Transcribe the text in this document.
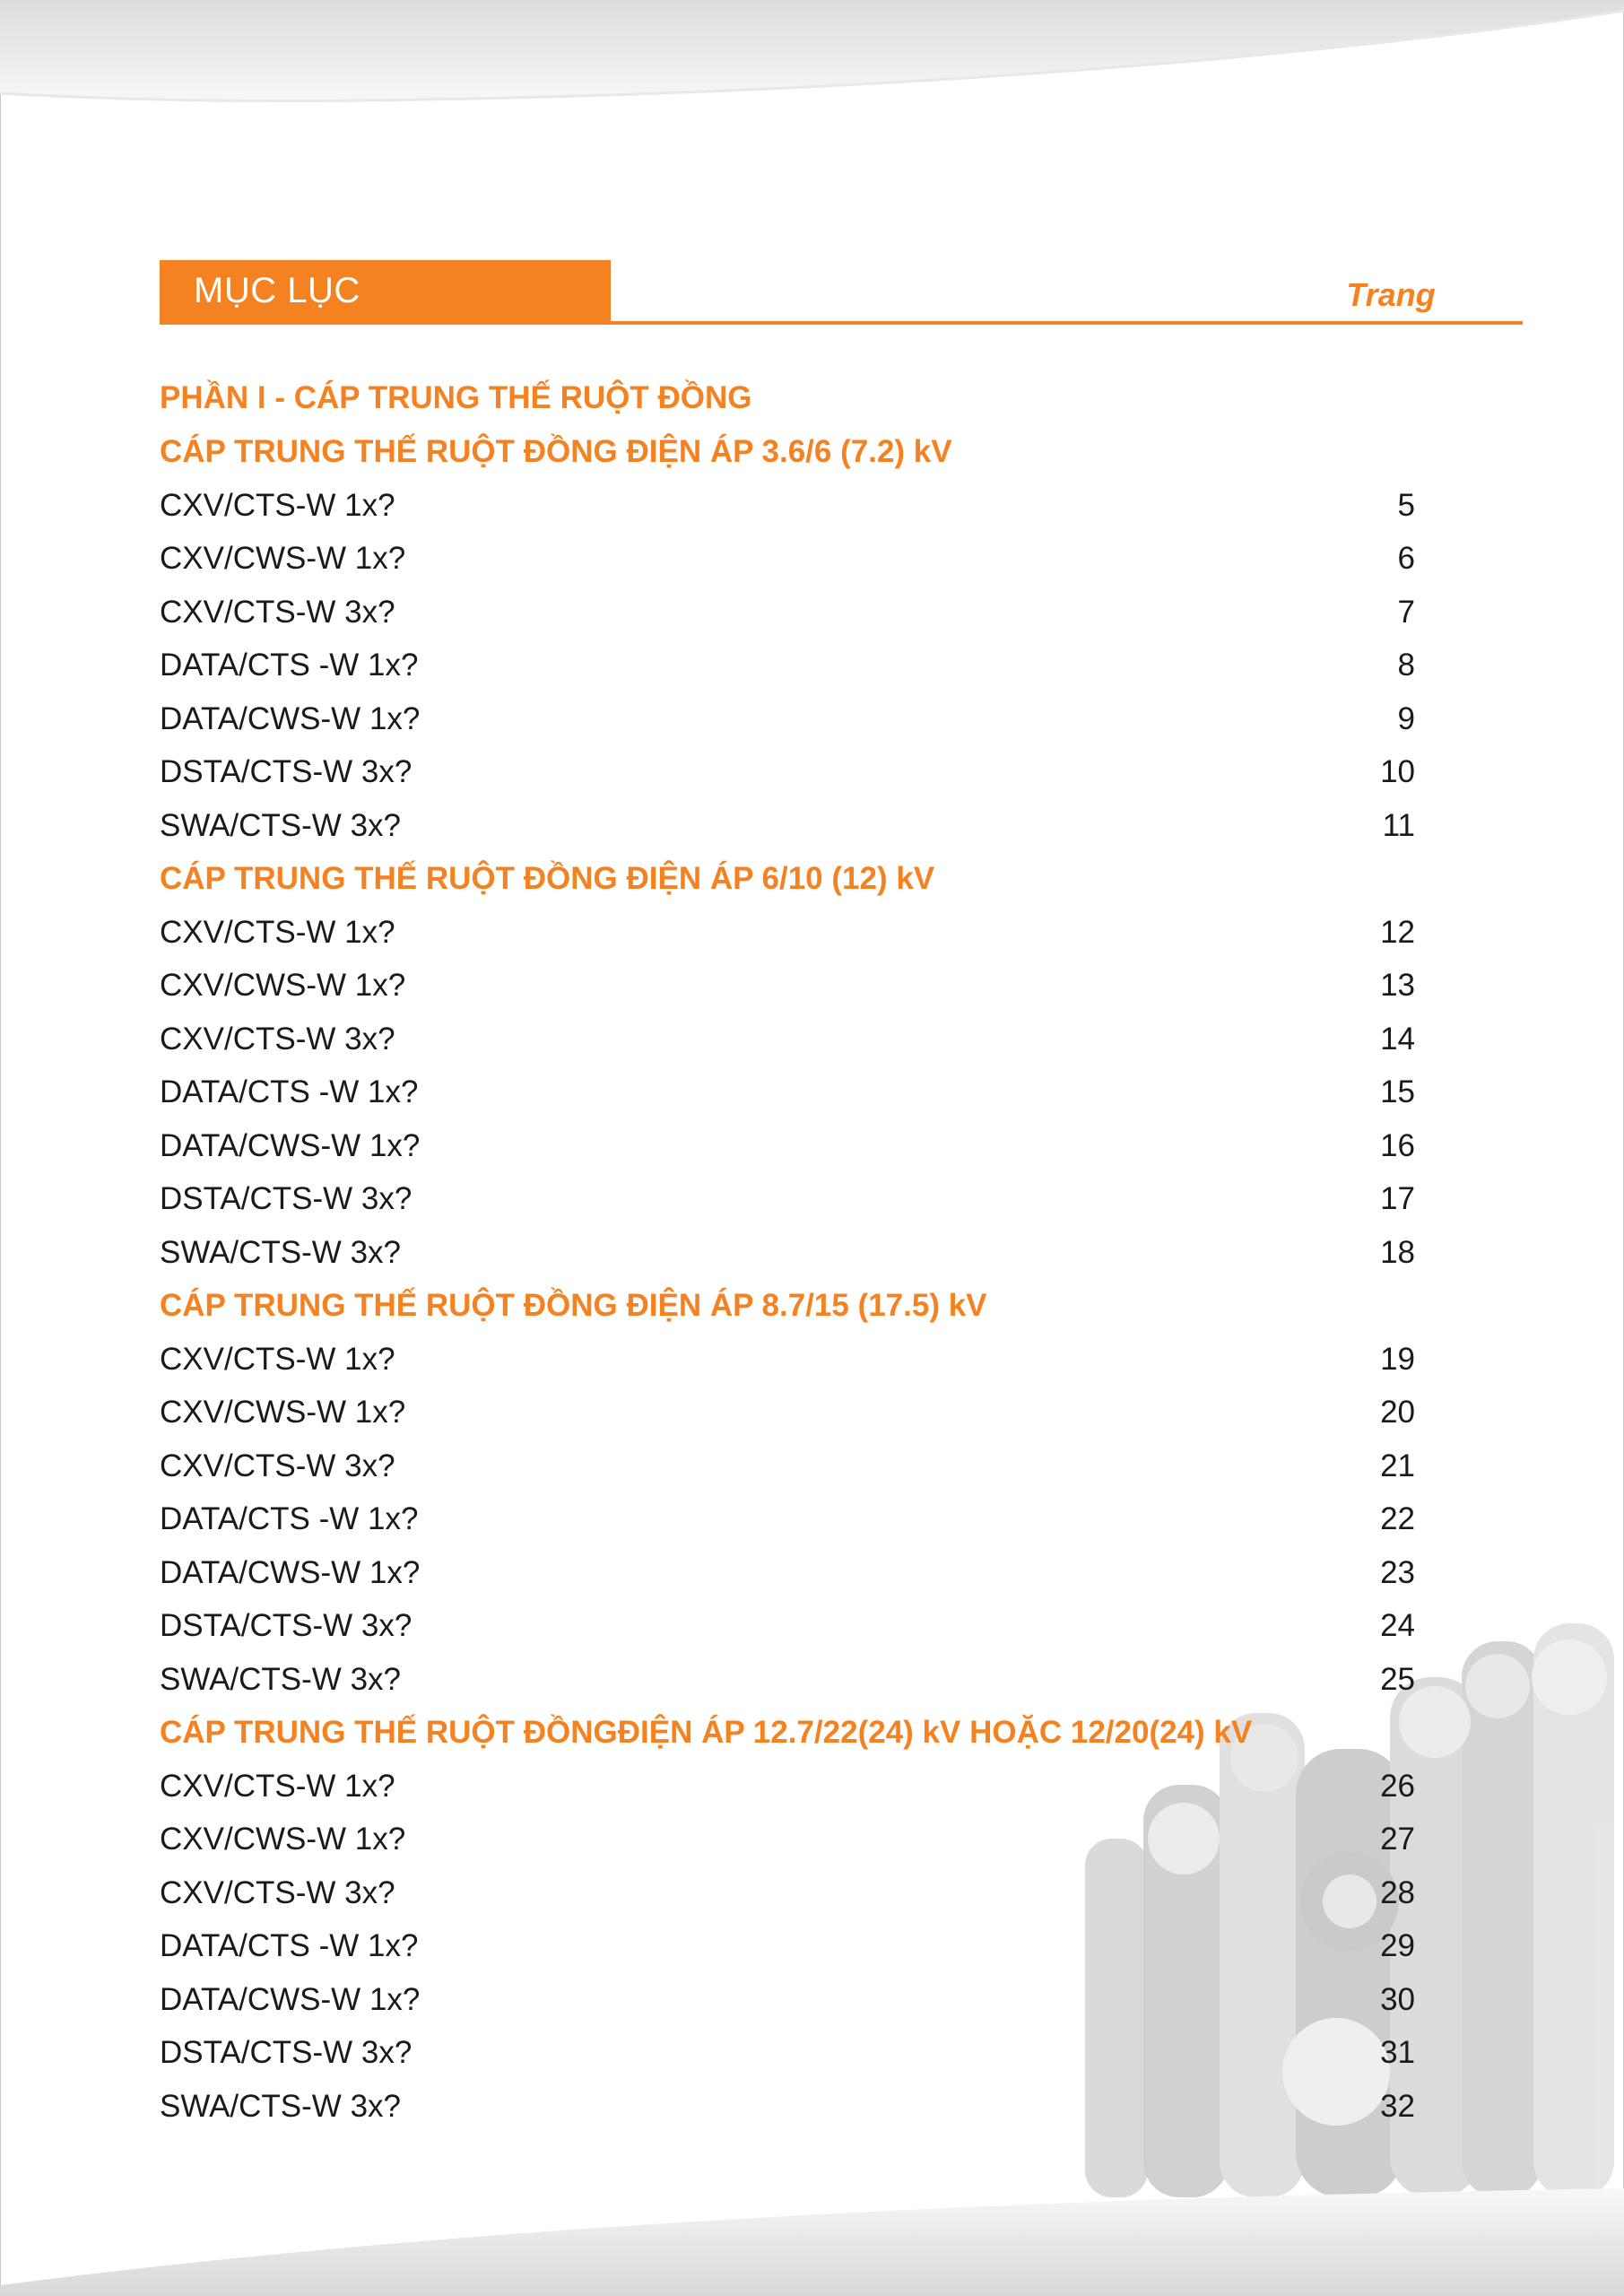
MỤC LỤC	Trang
PHẦN I - CÁP TRUNG THẾ RUỘT ĐỒNG
CÁP TRUNG THẾ RUỘT ĐỒNG ĐIỆN ÁP 3.6/6 (7.2) kV
CXV/CTS-W 1x?	5
CXV/CWS-W 1x?	6
CXV/CTS-W 3x?	7
DATA/CTS -W 1x?	8
DATA/CWS-W 1x?	9
DSTA/CTS-W 3x?	10
SWA/CTS-W 3x?	11
CÁP TRUNG THẾ RUỘT ĐỒNG ĐIỆN ÁP 6/10 (12) kV
CXV/CTS-W 1x?	12
CXV/CWS-W 1x?	13
CXV/CTS-W 3x?	14
DATA/CTS -W 1x?	15
DATA/CWS-W 1x?	16
DSTA/CTS-W 3x?	17
SWA/CTS-W 3x?	18
CÁP TRUNG THẾ RUỘT ĐỒNG ĐIỆN ÁP 8.7/15 (17.5) kV
CXV/CTS-W 1x?	19
CXV/CWS-W 1x?	20
CXV/CTS-W 3x?	21
DATA/CTS -W 1x?	22
DATA/CWS-W 1x?	23
DSTA/CTS-W 3x?	24
SWA/CTS-W 3x?	25
CÁP TRUNG THẾ RUỘT ĐỒNGĐIỆN ÁP 12.7/22(24) kV HOẶC 12/20(24) kV
CXV/CTS-W 1x?	26
CXV/CWS-W 1x?	27
CXV/CTS-W 3x?	28
DATA/CTS -W 1x?	29
DATA/CWS-W 1x?	30
DSTA/CTS-W 3x?	31
SWA/CTS-W 3x?	32
